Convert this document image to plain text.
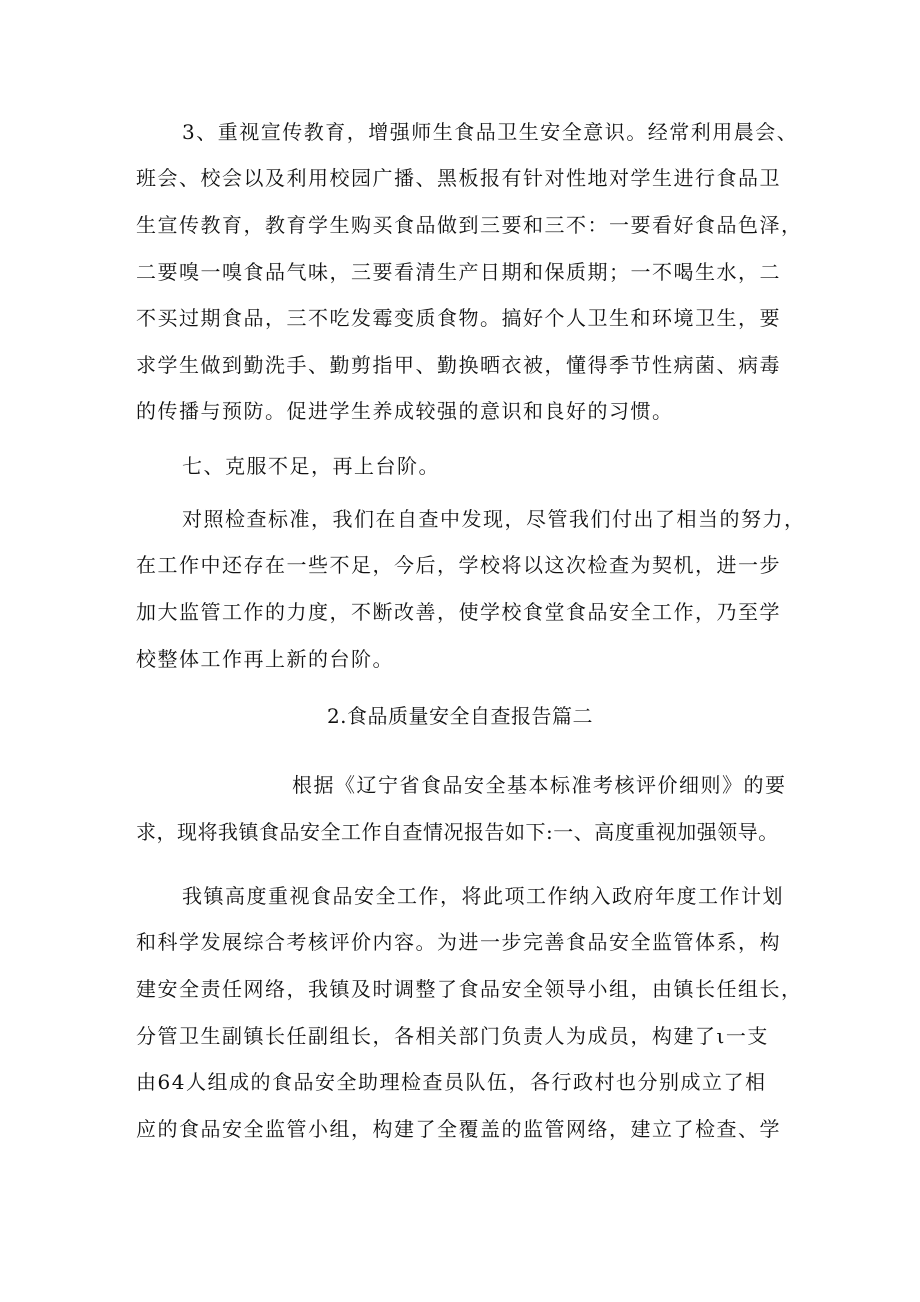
3、重视宣传教育，增强师生食品卫生安全意识。经常利用晨会、
班会、校会以及利用校园广播、黑板报有针对性地对学生进行食品卫
生宣传教育，教育学生购买食品做到三要和三不：一要看好食品色泽，
二要嗅一嗅食品气味，三要看清生产日期和保质期；一不喝生水，二
不买过期食品，三不吃发霉变质食物。搞好个人卫生和环境卫生，要
求学生做到勤洗手、勤剪指甲、勤换晒衣被，懂得季节性病菌、病毒
的传播与预防。促进学生养成较强的意识和良好的习惯。
七、克服不足，再上台阶。
对照检查标准，我们在自查中发现，尽管我们付出了相当的努力，
在工作中还存在一些不足，今后，学校将以这次检查为契机，进一步
加大监管工作的力度，不断改善，使学校食堂食品安全工作，乃至学
校整体工作再上新的台阶。
2.食品质量安全自查报告篇二
根据《辽宁省食品安全基本标准考核评价细则》的要
求，现将我镇食品安全工作自查情况报告如下:一、高度重视加强领导。
我镇高度重视食品安全工作，将此项工作纳入政府年度工作计划
和科学发展综合考核评价内容。为进一步完善食品安全监管体系，构
建安全责任网络，我镇及时调整了食品安全领导小组，由镇长任组长，
分管卫生副镇长任副组长，各相关部门负责人为成员，构建了ι一支
由64人组成的食品安全助理检查员队伍，各行政村也分别成立了相
应的食品安全监管小组，构建了全覆盖的监管网络，建立了检查、学
